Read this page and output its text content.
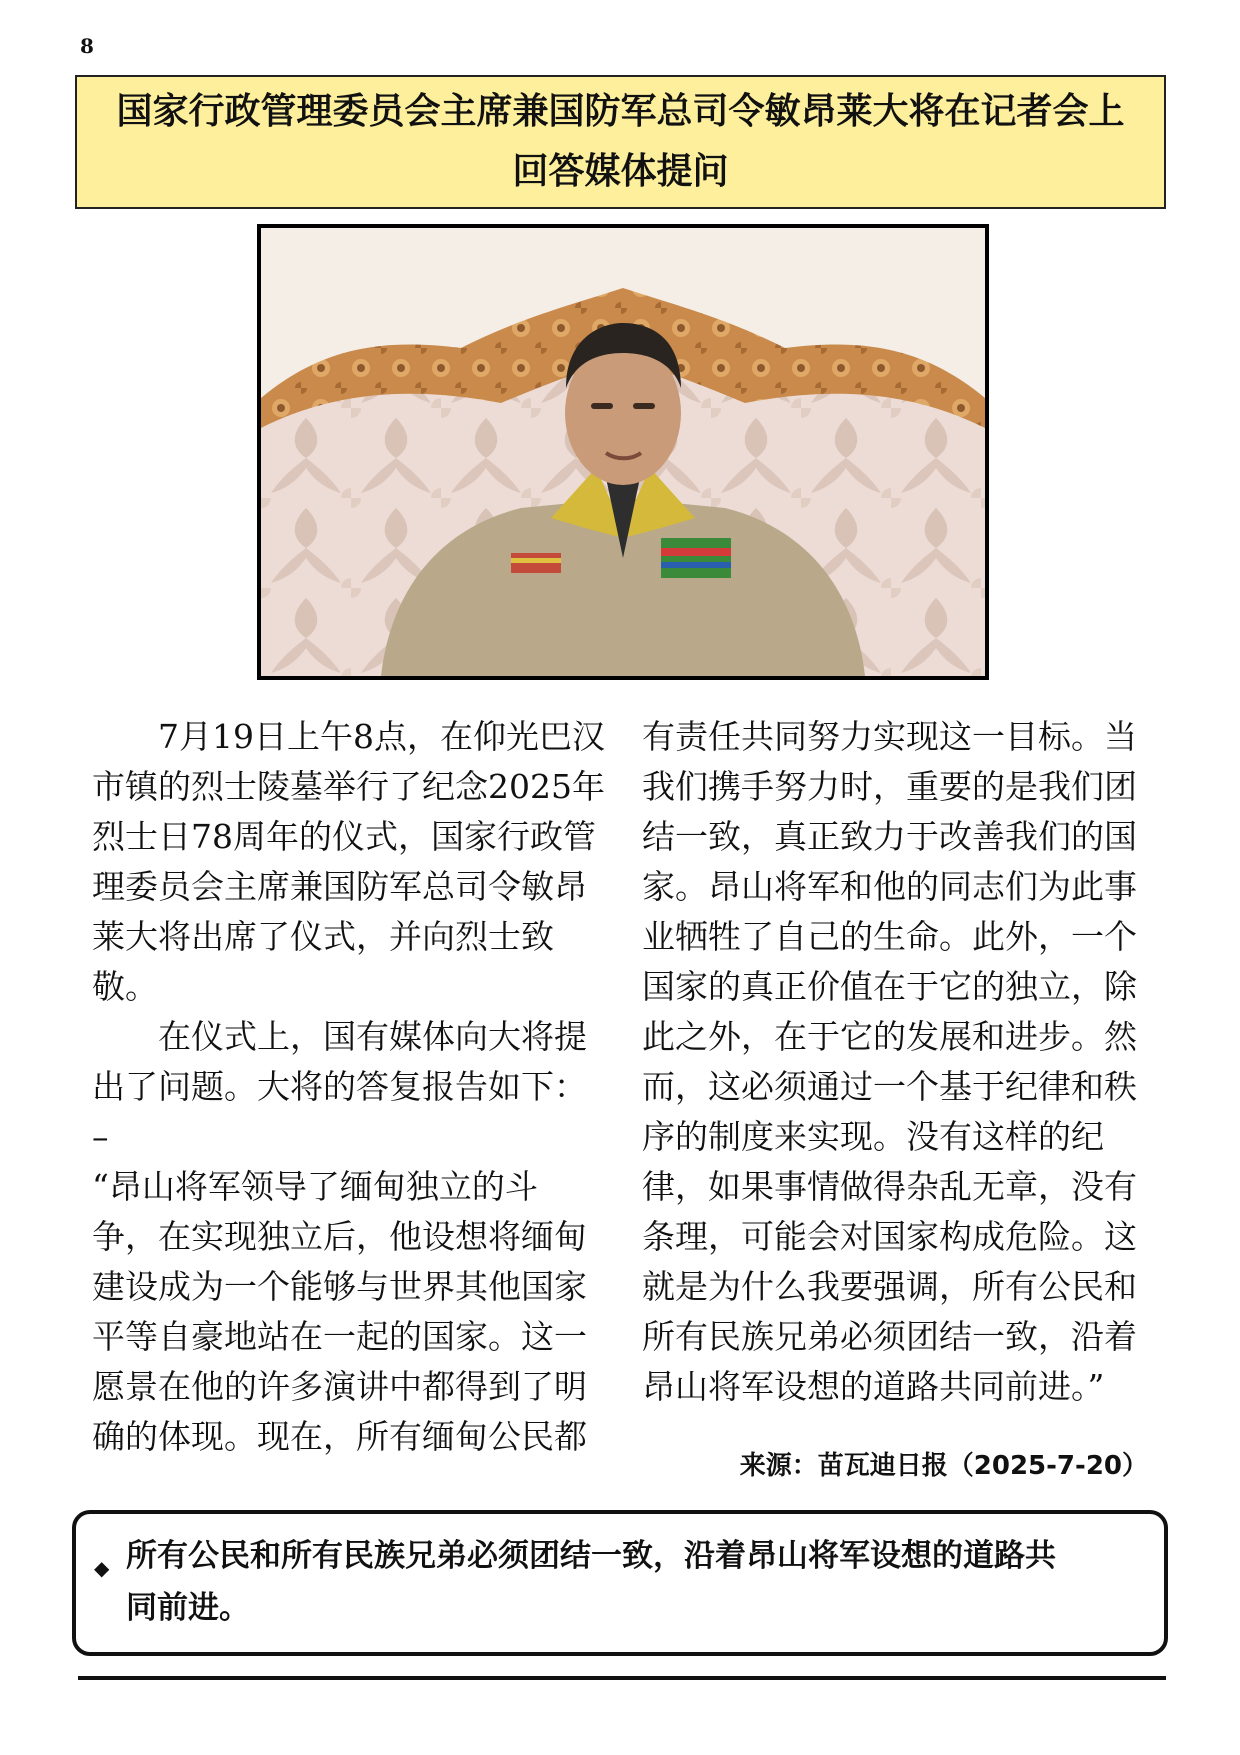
8
国家行政管理委员会主席兼国防军总司令敏昂莱大将在记者会上
回答媒体提问
　　7月19日上午8点，在仰光巴汉
市镇的烈士陵墓举行了纪念2025年
烈士日78周年的仪式，国家行政管
理委员会主席兼国防军总司令敏昂
莱大将出席了仪式，并向烈士致
敬。
　　在仪式上，国有媒体向大将提
出了问题。大将的答复报告如下：
–
“昂山将军领导了缅甸独立的斗
争，在实现独立后，他设想将缅甸
建设成为一个能够与世界其他国家
平等自豪地站在一起的国家。这一
愿景在他的许多演讲中都得到了明
确的体现。现在，所有缅甸公民都
有责任共同努力实现这一目标。当
我们携手努力时，重要的是我们团
结一致，真正致力于改善我们的国
家。昂山将军和他的同志们为此事
业牺牲了自己的生命。此外，一个
国家的真正价值在于它的独立，除
此之外，在于它的发展和进步。然
而，这必须通过一个基于纪律和秩
序的制度来实现。没有这样的纪
律，如果事情做得杂乱无章，没有
条理，可能会对国家构成危险。这
就是为什么我要强调，所有公民和
所有民族兄弟必须团结一致，沿着
昂山将军设想的道路共同前进。”
来源：苗瓦迪日报（2025-7-20）
◆ 所有公民和所有民族兄弟必须团结一致，沿着昂山将军设想的道路共
同前进。
